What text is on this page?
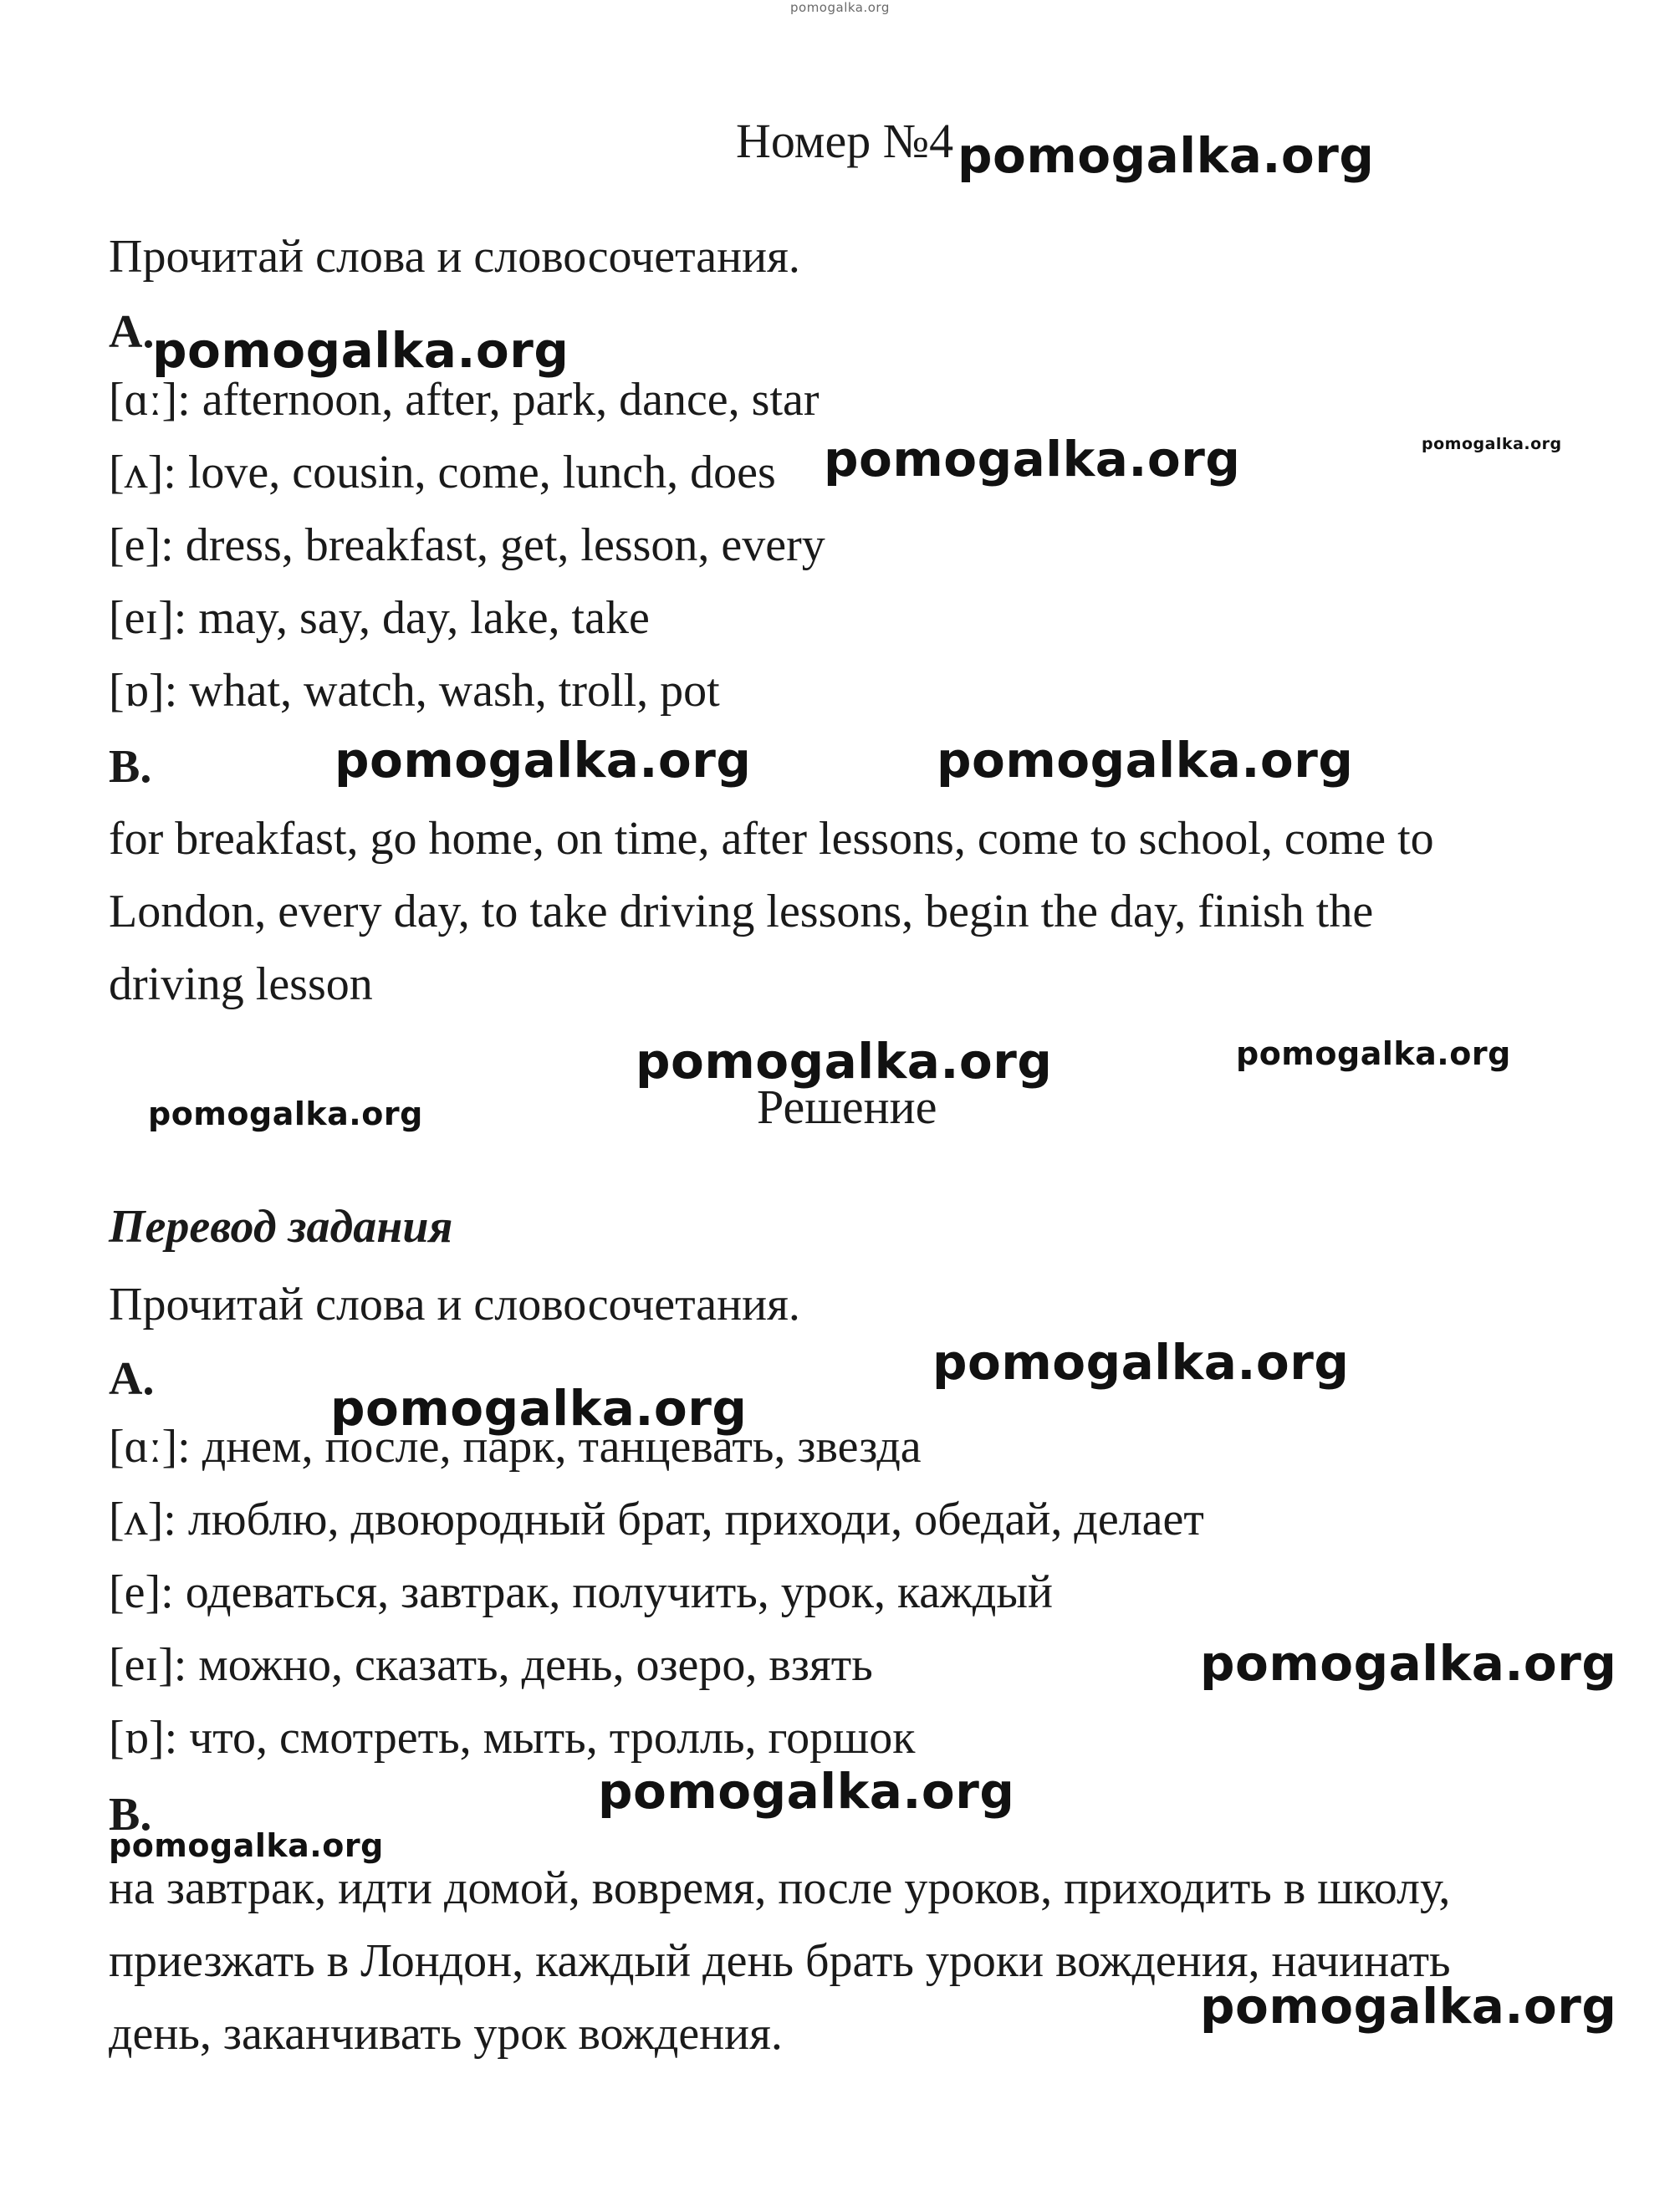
pomogalka.org
Номер №4
Прочитай слова и словосочетания.
A.
[ɑː]: afternoon, after, park, dance, star
[ʌ]: love, cousin, come, lunch, does
[e]: dress, breakfast, get, lesson, every
[eɪ]: may, say, day, lake, take
[ɒ]: what, watch, wash, troll, pot
B.
for breakfast, go home, on time, after lessons, come to school, come to
London, every day, to take driving lessons, begin the day, finish the
driving lesson
Решение
Перевод задания
Прочитай слова и словосочетания.
A.
[ɑː]: днем, после, парк, танцевать, звезда
[ʌ]: люблю, двоюродный брат, приходи, обедай, делает
[e]: одеваться, завтрак, получить, урок, каждый
[eɪ]: можно, сказать, день, озеро, взять
[ɒ]: что, смотреть, мыть, тролль, горшок
B.
на завтрак, идти домой, вовремя, после уроков, приходить в школу,
приезжать в Лондон, каждый день брать уроки вождения, начинать
день, заканчивать урок вождения.
pomogalka.org
pomogalka.org
pomogalka.org	pomogalka.org
pomogalka.org	pomogalka.org
pomogalka.org	pomogalka.org
pomogalka.org
pomogalka.org
pomogalka.org
pomogalka.org
pomogalka.org
pomogalka.org
pomogalka.org
